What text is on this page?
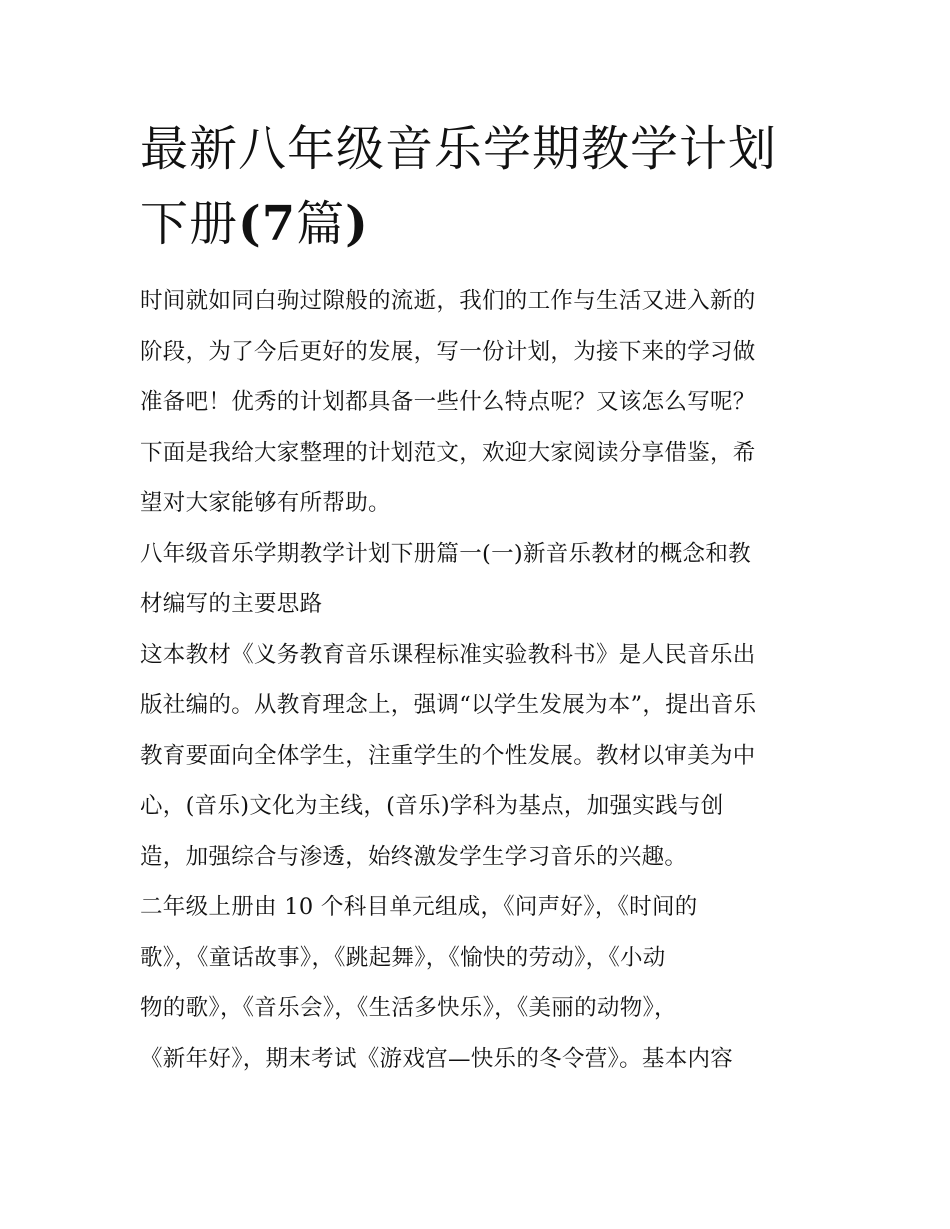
最新八年级音乐学期教学计划
下册(7篇)
时间就如同白驹过隙般的流逝，我们的工作与生活又进入新的
阶段，为了今后更好的发展，写一份计划，为接下来的学习做
准备吧！优秀的计划都具备一些什么特点呢？又该怎么写呢？
下面是我给大家整理的计划范文，欢迎大家阅读分享借鉴，希
望对大家能够有所帮助。
八年级音乐学期教学计划下册篇一(一)新音乐教材的概念和教
材编写的主要思路
这本教材《义务教育音乐课程标准实验教科书》是人民音乐出
版社编的。从教育理念上，强调“以学生发展为本”，提出音乐
教育要面向全体学生，注重学生的个性发展。教材以审美为中
心，(音乐)文化为主线，(音乐)学科为基点，加强实践与创
造，加强综合与渗透，始终激发学生学习音乐的兴趣。
二年级上册由 10 个科目单元组成，《问声好》，《时间的
歌》，《童话故事》，《跳起舞》，《愉快的劳动》，《小动
物的歌》，《音乐会》，《生活多快乐》，《美丽的动物》，
《新年好》，期末考试《游戏宫—快乐的冬令营》。基本内容
